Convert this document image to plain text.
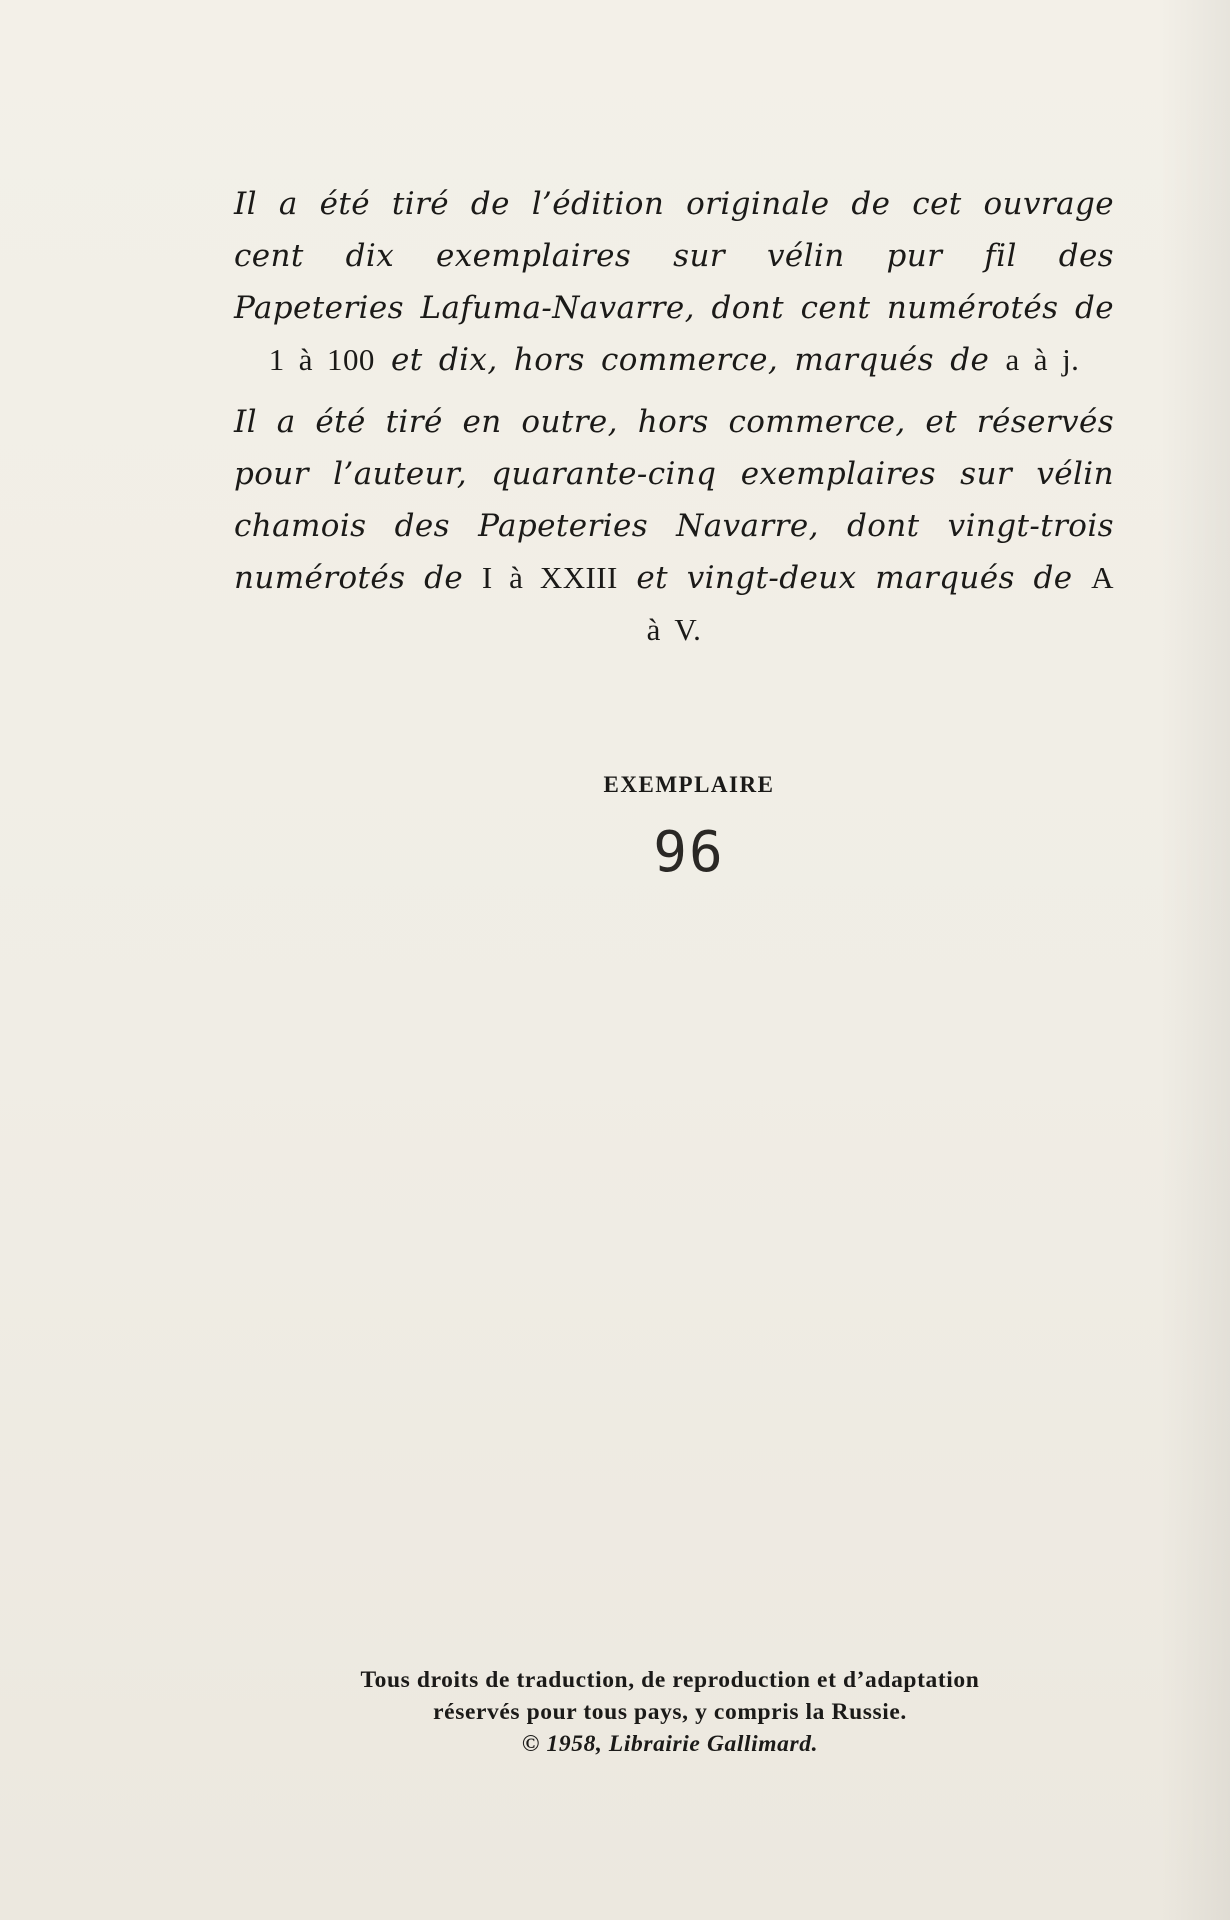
Il a été tiré de l’édition originale de cet ouvrage cent dix exemplaires sur vélin pur fil des Papeteries Lafuma-Navarre, dont cent numérotés de 1 à 100 et dix, hors commerce, marqués de a à j.

Il a été tiré en outre, hors commerce, et réservés pour l’auteur, quarante-cinq exemplaires sur vélin chamois des Papeteries Navarre, dont vingt-trois numérotés de I à XXIII et vingt-deux marqués de A à V.

EXEMPLAIRE
96
Tous droits de traduction, de reproduction et d’adaptation
réservés pour tous pays, y compris la Russie.
© 1958, Librairie Gallimard.
